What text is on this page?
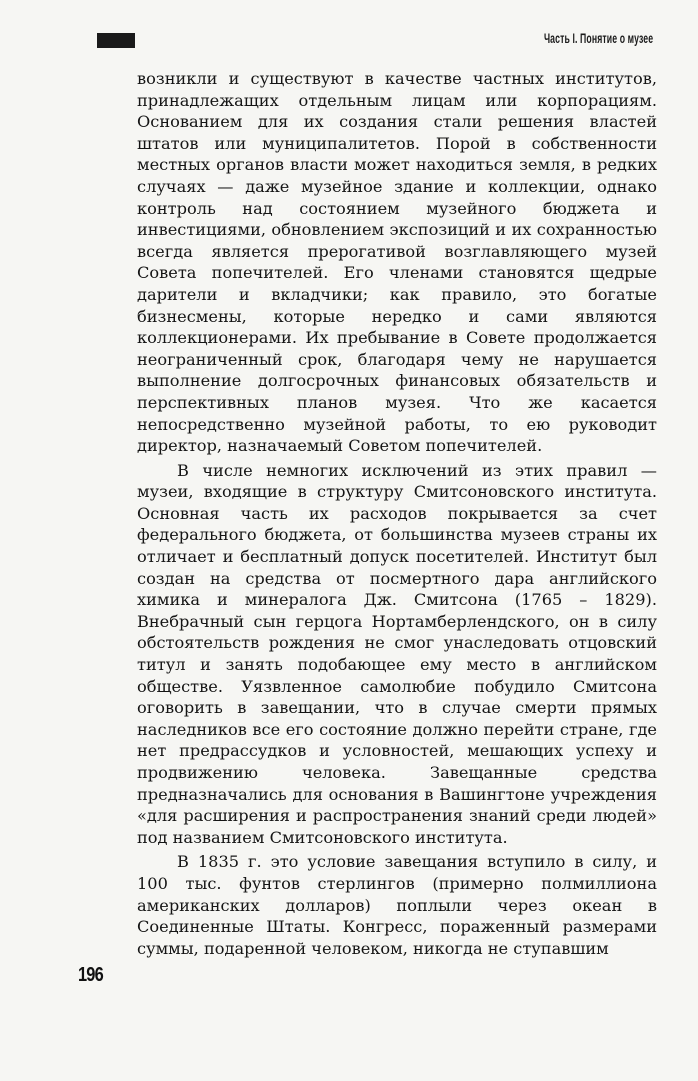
Часть I. Понятие о музее

возникли и существуют в качестве частных институтов, принадлежащих отдельным лицам или корпорациям. Основанием для их создания стали решения властей штатов или муниципалитетов. Порой в собственности местных органов власти может находиться земля, в редких случаях — даже музейное здание и коллекции, однако контроль над состоянием музейного бюджета и инвестициями, обновлением экспозиций и их сохранностью всегда является прерогативой возглавляющего музей Совета попечителей. Его членами становятся щедрые дарители и вкладчики; как правило, это богатые бизнесмены, которые нередко и сами являются коллекционерами. Их пребывание в Совете продолжается неограниченный срок, благодаря чему не нарушается выполнение долгосрочных финансовых обязательств и перспективных планов музея. Что же касается непосредственно музейной работы, то ею руководит директор, назначаемый Советом попечителей.

В числе немногих исключений из этих правил — музеи, входящие в структуру Смитсоновского института. Основная часть их расходов покрывается за счет федерального бюджета, от большинства музеев страны их отличает и бесплатный допуск посетителей. Институт был создан на средства от посмертного дара английского химика и минералога Дж. Смитсона (1765 – 1829). Внебрачный сын герцога Нортамберлендского, он в силу обстоятельств рождения не смог унаследовать отцовский титул и занять подобающее ему место в английском обществе. Уязвленное самолюбие побудило Смитсона оговорить в завещании, что в случае смерти прямых наследников все его состояние должно перейти стране, где нет предрассудков и условностей, мешающих успеху и продвижению человека. Завещанные средства предназначались для основания в Вашингтоне учреждения «для расширения и распространения знаний среди людей» под названием Смитсоновского института.

В 1835 г. это условие завещания вступило в силу, и 100 тыс. фунтов стерлингов (примерно полмиллиона американских долларов) поплыли через океан в Соединенные Штаты. Конгресс, пораженный размерами суммы, подаренной человеком, никогда не ступавшим

196
